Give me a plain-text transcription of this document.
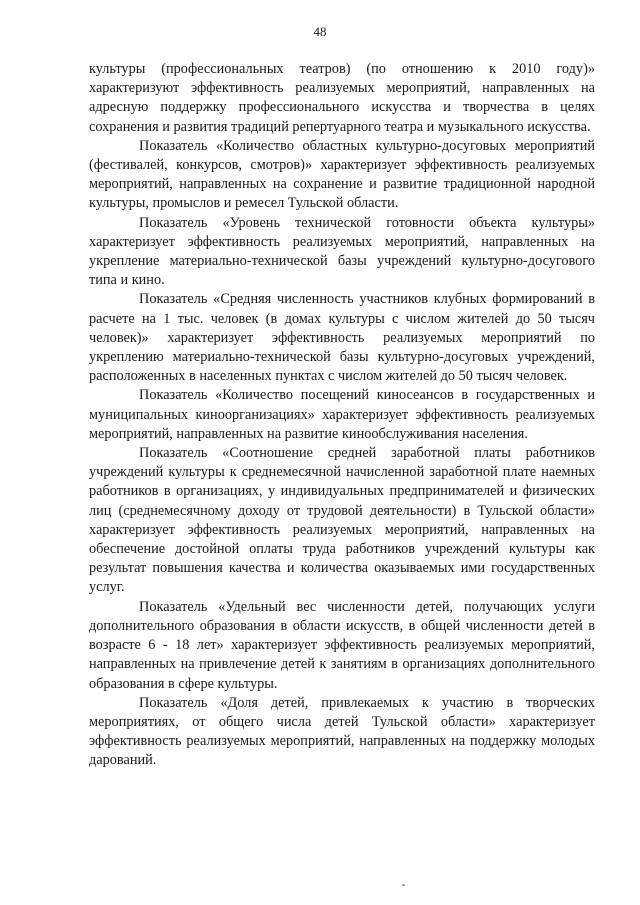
48

культуры (профессиональных театров) (по отношению к 2010 году)» характеризуют эффективность реализуемых мероприятий, направленных на адресную поддержку профессионального искусства и творчества в целях сохранения и развития традиций репертуарного театра и музыкального искусства.

Показатель «Количество областных культурно-досуговых мероприятий (фестивалей, конкурсов, смотров)» характеризует эффективность реализуемых мероприятий, направленных на сохранение и развитие традиционной народной культуры, промыслов и ремесел Тульской области.

Показатель «Уровень технической готовности объекта культуры» характеризует эффективность реализуемых мероприятий, направленных на укрепление материально-технической базы учреждений культурно-досугового типа и кино.

Показатель «Средняя численность участников клубных формирований в расчете на 1 тыс. человек (в домах культуры с числом жителей до 50 тысяч человек)» характеризует эффективность реализуемых мероприятий по укреплению материально-технической базы культурно-досуговых учреждений, расположенных в населенных пунктах с числом жителей до 50 тысяч человек.

Показатель «Количество посещений киносеансов в государственных и муниципальных киноорганизациях» характеризует эффективность реализуемых мероприятий, направленных на развитие кинообслуживания населения.

Показатель «Соотношение средней заработной платы работников учреждений культуры к среднемесячной начисленной заработной плате наемных работников в организациях, у индивидуальных предпринимателей и физических лиц (среднемесячному доходу от трудовой деятельности) в Тульской области» характеризует эффективность реализуемых мероприятий, направленных на обеспечение достойной оплаты труда работников учреждений культуры как результат повышения качества и количества оказываемых ими государственных услуг.

Показатель «Удельный вес численности детей, получающих услуги дополнительного образования в области искусств, в общей численности детей в возрасте 6 - 18 лет» характеризует эффективность реализуемых мероприятий, направленных на привлечение детей к занятиям в организациях дополнительного образования в сфере культуры.

Показатель «Доля детей, привлекаемых к участию в творческих мероприятиях, от общего числа детей Тульской области» характеризует эффективность реализуемых мероприятий, направленных на поддержку молодых дарований.
